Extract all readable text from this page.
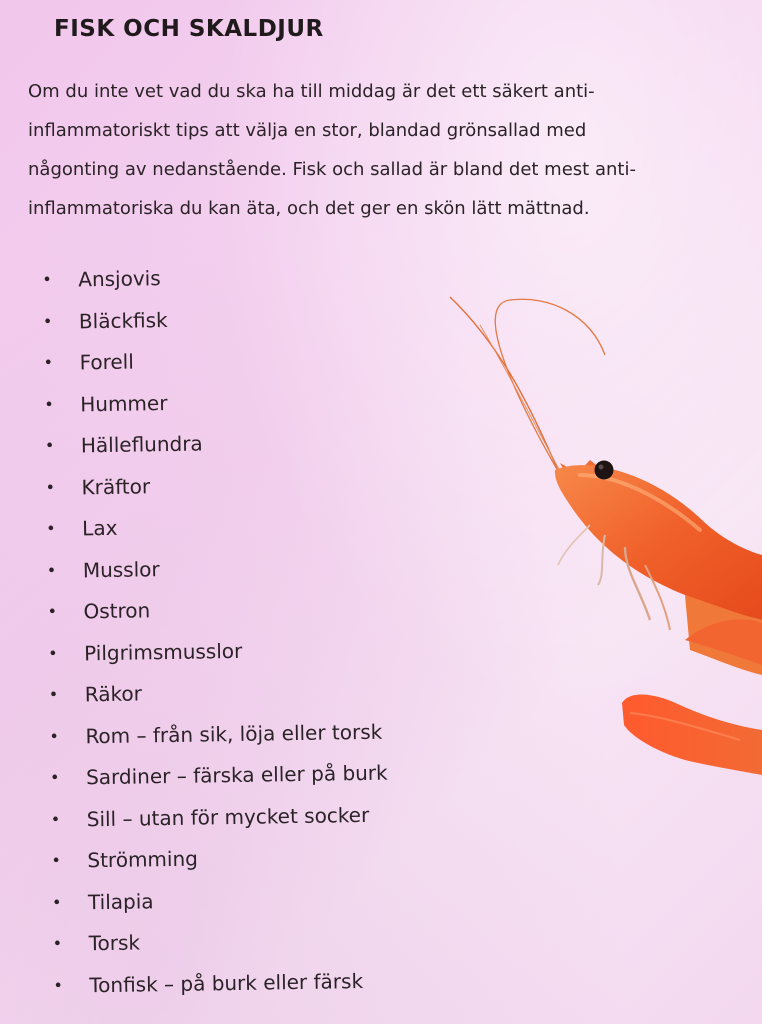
FISK OCH SKALDJUR

Om du inte vet vad du ska ha till middag är det ett säkert anti-
inflammatoriskt tips att välja en stor, blandad grönsallad med
någonting av nedanstående. Fisk och sallad är bland det mest anti-
inflammatoriska du kan äta, och det ger en skön lätt mättnad.

• Ansjovis
• Bläckfisk
• Forell
• Hummer
• Hälleflundra
• Kräftor
• Lax
• Musslor
• Ostron
• Pilgrimsmusslor
• Räkor
• Rom – från sik, löja eller torsk
• Sardiner – färska eller på burk
• Sill – utan för mycket socker
• Strömming
• Tilapia
• Torsk
• Tonfisk – på burk eller färsk
